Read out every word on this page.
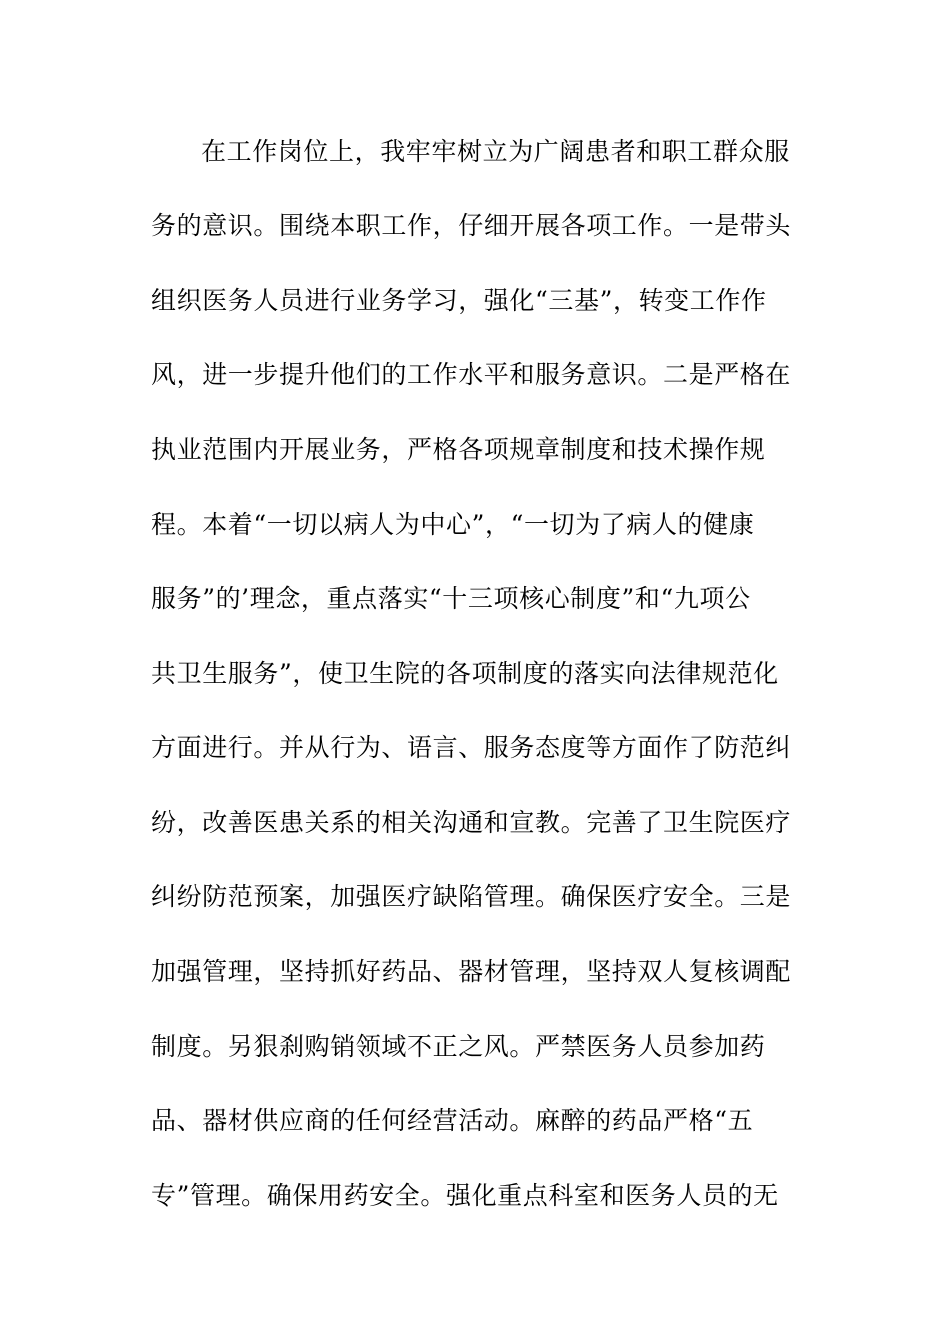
在工作岗位上，我牢牢树立为广阔患者和职工群众服
务的意识。围绕本职工作，仔细开展各项工作。一是带头
组织医务人员进行业务学习，强化“三基”，转变工作作
风，进一步提升他们的工作水平和服务意识。二是严格在
执业范围内开展业务，严格各项规章制度和技术操作规
程。本着“一切以病人为中心”，“一切为了病人的健康
服务”的’理念，重点落实“十三项核心制度”和“九项公
共卫生服务”，使卫生院的各项制度的落实向法律规范化
方面进行。并从行为、语言、服务态度等方面作了防范纠
纷，改善医患关系的相关沟通和宣教。完善了卫生院医疗
纠纷防范预案，加强医疗缺陷管理。确保医疗安全。三是
加强管理，坚持抓好药品、器材管理，坚持双人复核调配
制度。另狠刹购销领域不正之风。严禁医务人员参加药
品、器材供应商的任何经营活动。麻醉的药品严格“五
专”管理。确保用药安全。强化重点科室和医务人员的无
